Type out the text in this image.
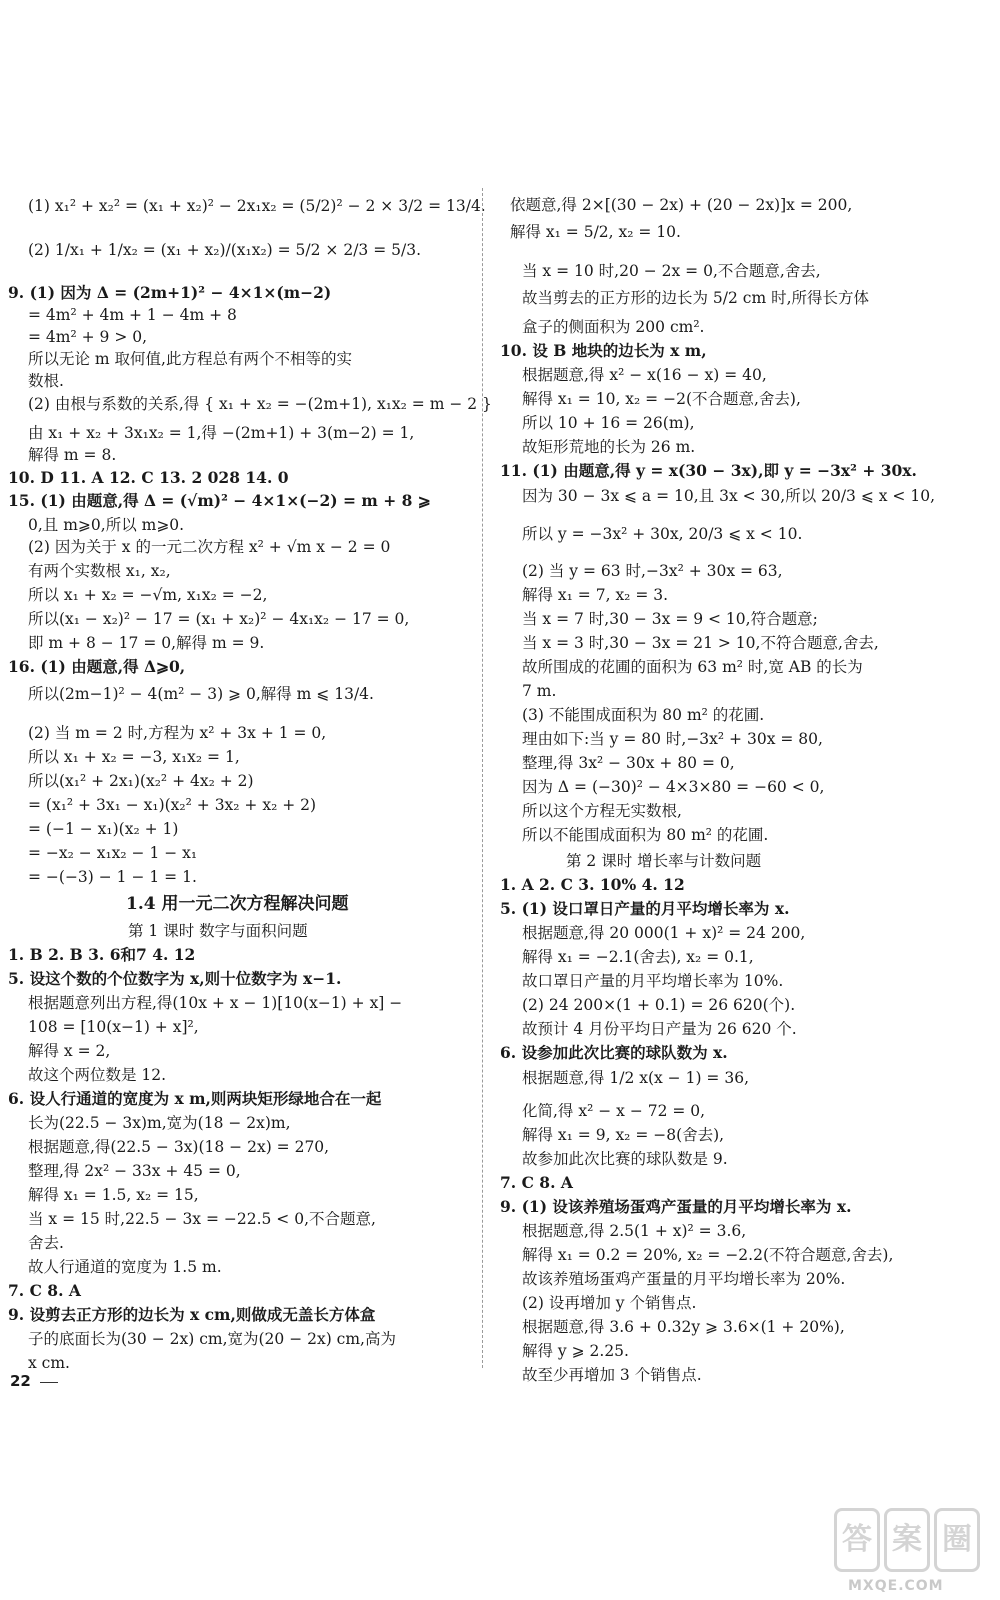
(1) x₁² + x₂² = (x₁ + x₂)² − 2x₁x₂ = (5/2)² − 2 × 3/2 = 13/4.
(2) 1/x₁ + 1/x₂ = (x₁ + x₂)/(x₁x₂) = 5/2 × 2/3 = 5/3.
9. (1) 因为 Δ = (2m+1)² − 4×1×(m−2)
= 4m² + 4m + 1 − 4m + 8
= 4m² + 9 > 0,
所以无论 m 取何值,此方程总有两个不相等的实
数根.
(2) 由根与系数的关系,得 { x₁ + x₂ = −(2m+1), x₁x₂ = m − 2 }
由 x₁ + x₂ + 3x₁x₂ = 1,得 −(2m+1) + 3(m−2) = 1,
解得 m = 8.
10. D 11. A 12. C 13. 2 028 14. 0
15. (1) 由题意,得 Δ = (√m)² − 4×1×(−2) = m + 8 ⩾
0,且 m⩾0,所以 m⩾0.
(2) 因为关于 x 的一元二次方程 x² + √m x − 2 = 0
有两个实数根 x₁, x₂,
所以 x₁ + x₂ = −√m, x₁x₂ = −2,
所以(x₁ − x₂)² − 17 = (x₁ + x₂)² − 4x₁x₂ − 17 = 0,
即 m + 8 − 17 = 0,解得 m = 9.
16. (1) 由题意,得 Δ⩾0,
所以(2m−1)² − 4(m² − 3) ⩾ 0,解得 m ⩽ 13/4.
(2) 当 m = 2 时,方程为 x² + 3x + 1 = 0,
所以 x₁ + x₂ = −3, x₁x₂ = 1,
所以(x₁² + 2x₁)(x₂² + 4x₂ + 2)
= (x₁² + 3x₁ − x₁)(x₂² + 3x₂ + x₂ + 2)
= (−1 − x₁)(x₂ + 1)
= −x₂ − x₁x₂ − 1 − x₁
= −(−3) − 1 − 1 = 1.
1.4 用一元二次方程解决问题
第 1 课时 数字与面积问题
1. B 2. B 3. 6和7 4. 12
5. 设这个数的个位数字为 x,则十位数字为 x−1.
根据题意列出方程,得(10x + x − 1)[10(x−1) + x] −
108 = [10(x−1) + x]²,
解得 x = 2,
故这个两位数是 12.
6. 设人行通道的宽度为 x m,则两块矩形绿地合在一起
长为(22.5 − 3x)m,宽为(18 − 2x)m,
根据题意,得(22.5 − 3x)(18 − 2x) = 270,
整理,得 2x² − 33x + 45 = 0,
解得 x₁ = 1.5, x₂ = 15,
当 x = 15 时,22.5 − 3x = −22.5 < 0,不合题意,
舍去.
故人行通道的宽度为 1.5 m.
7. C 8. A
9. 设剪去正方形的边长为 x cm,则做成无盖长方体盒
子的底面长为(30 − 2x) cm,宽为(20 − 2x) cm,高为
x cm.
依题意,得 2×[(30 − 2x) + (20 − 2x)]x = 200,
解得 x₁ = 5/2, x₂ = 10.
当 x = 10 时,20 − 2x = 0,不合题意,舍去,
故当剪去的正方形的边长为 5/2 cm 时,所得长方体
盒子的侧面积为 200 cm².
10. 设 B 地块的边长为 x m,
根据题意,得 x² − x(16 − x) = 40,
解得 x₁ = 10, x₂ = −2(不合题意,舍去),
所以 10 + 16 = 26(m),
故矩形荒地的长为 26 m.
11. (1) 由题意,得 y = x(30 − 3x),即 y = −3x² + 30x.
因为 30 − 3x ⩽ a = 10,且 3x < 30,所以 20/3 ⩽ x < 10,
所以 y = −3x² + 30x, 20/3 ⩽ x < 10.
(2) 当 y = 63 时,−3x² + 30x = 63,
解得 x₁ = 7, x₂ = 3.
当 x = 7 时,30 − 3x = 9 < 10,符合题意;
当 x = 3 时,30 − 3x = 21 > 10,不符合题意,舍去,
故所围成的花圃的面积为 63 m² 时,宽 AB 的长为
7 m.
(3) 不能围成面积为 80 m² 的花圃.
理由如下:当 y = 80 时,−3x² + 30x = 80,
整理,得 3x² − 30x + 80 = 0,
因为 Δ = (−30)² − 4×3×80 = −60 < 0,
所以这个方程无实数根,
所以不能围成面积为 80 m² 的花圃.
第 2 课时 增长率与计数问题
1. A 2. C 3. 10% 4. 12
5. (1) 设口罩日产量的月平均增长率为 x.
根据题意,得 20 000(1 + x)² = 24 200,
解得 x₁ = −2.1(舍去), x₂ = 0.1,
故口罩日产量的月平均增长率为 10%.
(2) 24 200×(1 + 0.1) = 26 620(个).
故预计 4 月份平均日产量为 26 620 个.
6. 设参加此次比赛的球队数为 x.
根据题意,得 1/2 x(x − 1) = 36,
化简,得 x² − x − 72 = 0,
解得 x₁ = 9, x₂ = −8(舍去),
故参加此次比赛的球队数是 9.
7. C 8. A
9. (1) 设该养殖场蛋鸡产蛋量的月平均增长率为 x.
根据题意,得 2.5(1 + x)² = 3.6,
解得 x₁ = 0.2 = 20%, x₂ = −2.2(不符合题意,舍去),
故该养殖场蛋鸡产蛋量的月平均增长率为 20%.
(2) 设再增加 y 个销售点.
根据题意,得 3.6 + 0.32y ⩾ 3.6×(1 + 20%),
解得 y ⩾ 2.25.
故至少再增加 3 个销售点.
22
答 案 圈
MXQE.COM
